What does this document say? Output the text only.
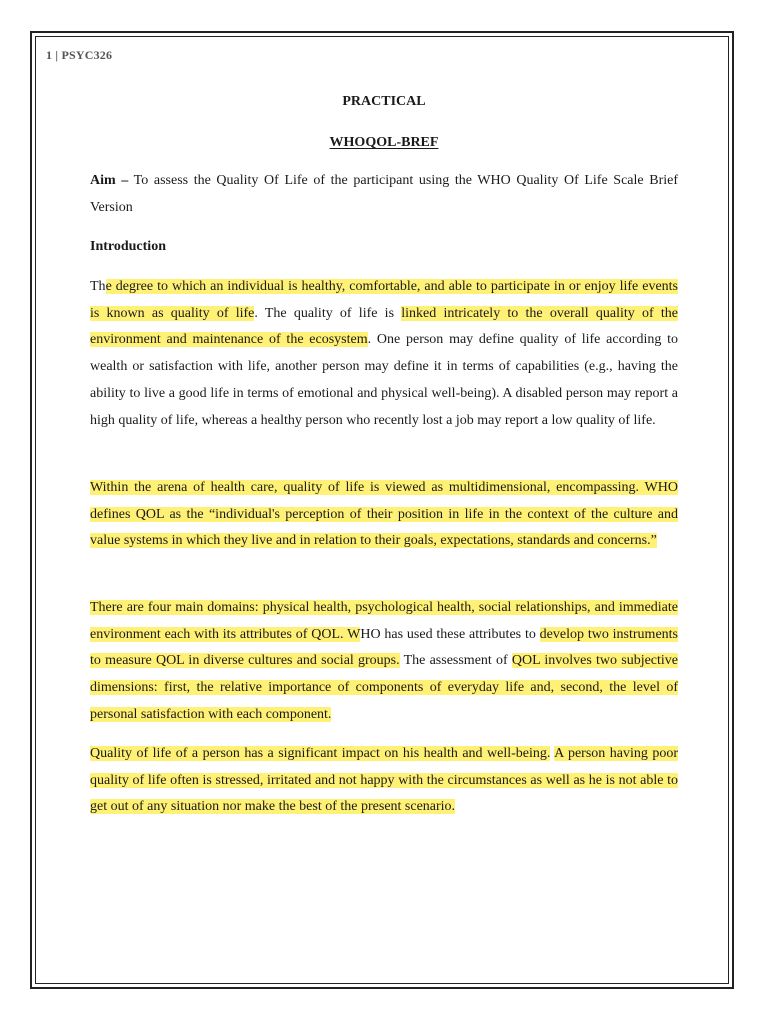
1 | PSYC326
PRACTICAL
WHOQOL-BREF
Aim – To assess the Quality Of Life of the participant using the WHO Quality Of Life Scale Brief Version
Introduction
The degree to which an individual is healthy, comfortable, and able to participate in or enjoy life events is known as quality of life. The quality of life is linked intricately to the overall quality of the environment and maintenance of the ecosystem. One person may define quality of life according to wealth or satisfaction with life, another person may define it in terms of capabilities (e.g., having the ability to live a good life in terms of emotional and physical well-being). A disabled person may report a high quality of life, whereas a healthy person who recently lost a job may report a low quality of life.
Within the arena of health care, quality of life is viewed as multidimensional, encompassing. WHO defines QOL as the “individual's perception of their position in life in the context of the culture and value systems in which they live and in relation to their goals, expectations, standards and concerns.”
There are four main domains: physical health, psychological health, social relationships, and immediate environment each with its attributes of QOL. WHO has used these attributes to develop two instruments to measure QOL in diverse cultures and social groups. The assessment of QOL involves two subjective dimensions: first, the relative importance of components of everyday life and, second, the level of personal satisfaction with each component.
Quality of life of a person has a significant impact on his health and well-being. A person having poor quality of life often is stressed, irritated and not happy with the circumstances as well as he is not able to get out of any situation nor make the best of the present scenario.
